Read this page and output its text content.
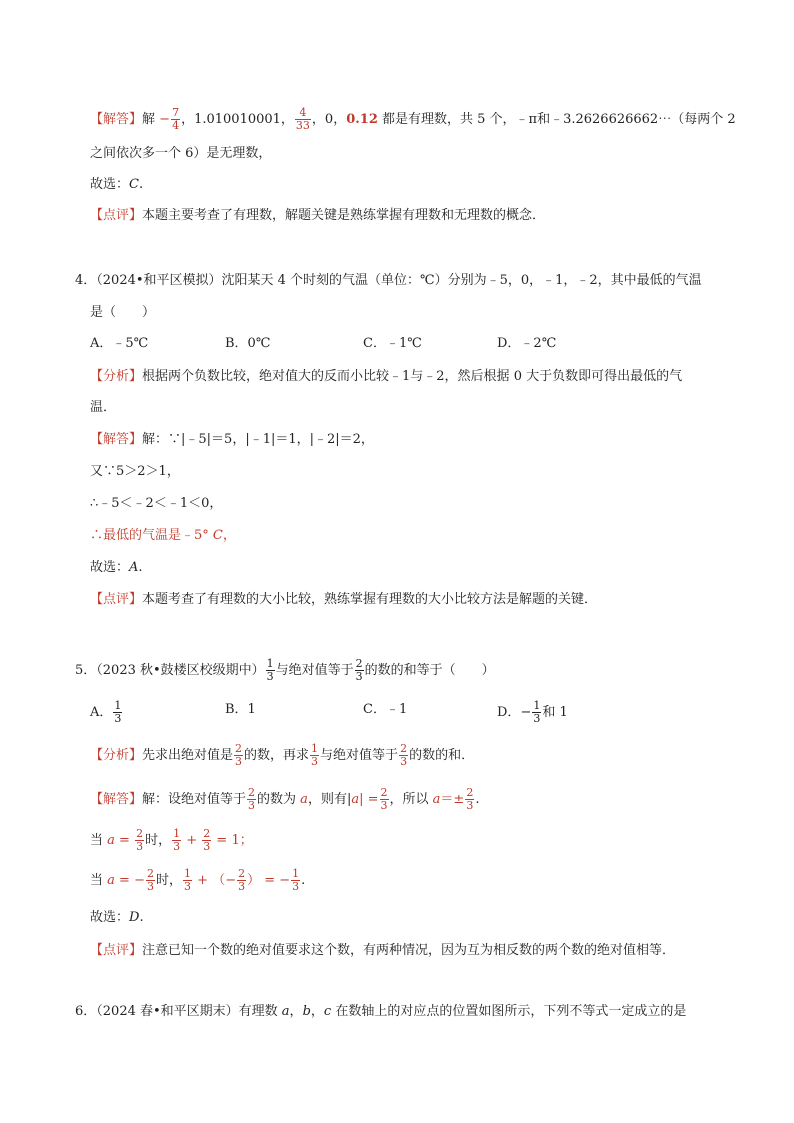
【解答】解 − $\frac{7}{4}$ ，1.010010001， $\frac{4}{33}$ ，0，0.12 都是有理数，共 5 个，﹣π和﹣3.2626626662⋯（每两个 2
之间依次多一个 6）是无理数，
故选：C.
【点评】本题主要考查了有理数，解题关键是熟练掌握有理数和无理数的概念．
4．（2024•和平区模拟）沈阳某天 4 个时刻的气温（单位：℃）分别为﹣5，0，﹣1，﹣2，其中最低的气温
是（　　）
A．﹣5℃	B．0℃	C．﹣1℃	D．﹣2℃
【分析】根据两个负数比较，绝对值大的反而小比较﹣1与﹣2，然后根据 0 大于负数即可得出最低的气
温．
【解答】解：∵|﹣5|＝5，|﹣1|＝1，|﹣2|＝2，
又∵5＞2＞1，
∴﹣5＜﹣2＜﹣1＜0，
∴最低的气温是﹣5° C，
故选：A.
【点评】本题考查了有理数的大小比较，熟练掌握有理数的大小比较方法是解题的关键．
5．（2023 秋•鼓楼区校级期中） $\frac{1}{3}$ 与绝对值等于 $\frac{2}{3}$ 的数的和等于（　　）
A． $\frac{1}{3}$	B．1	C．﹣1	D．− $\frac{1}{3}$ 和 1
【分析】先求出绝对值是 $\frac{2}{3}$ 的数，再求 $\frac{1}{3}$ 与绝对值等于 $\frac{2}{3}$ 的数的和．
【解答】解：设绝对值等于 $\frac{2}{3}$ 的数为 a，则有$|a| = \frac{2}{3}$ ，所以 $a=\pm \frac{2}{3}$ .
当 $a = \frac{2}{3}$ 时， $\frac{1}{3} + \frac{2}{3} = 1$；
当 a = − $\frac{2}{3}$ 时， $\frac{1}{3}$ + （− $\frac{2}{3}$ ） = − $\frac{1}{3}$ .
故选：D.
【点评】注意已知一个数的绝对值要求这个数，有两种情况，因为互为相反数的两个数的绝对值相等．
6．（2024 春•和平区期末）有理数 a，b，c 在数轴上的对应点的位置如图所示，下列不等式一定成立的是
